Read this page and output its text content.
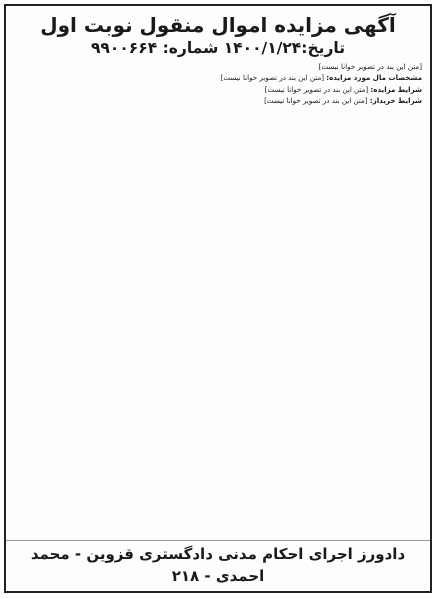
آگهی مزایده اموال منقول نوبت اول
تاریخ:۱۴۰۰/۱/۲۴ شماره: ۹۹۰۰۶۶۴

[متن این بند در تصویر خوانا نیست]

مشخصات مال مورد مزایده: [متن این بند در تصویر خوانا نیست]

شرایط مزایده: [متن این بند در تصویر خوانا نیست]

شرایط خریدار: [متن این بند در تصویر خوانا نیست]

دادورز اجرای احکام مدنی دادگستری قزوین - محمد احمدی - ۲۱۸
